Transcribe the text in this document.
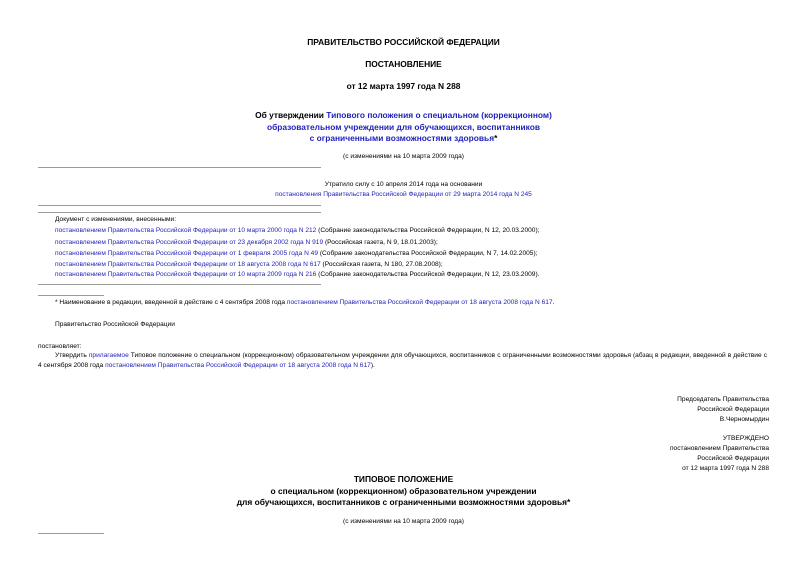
ПРАВИТЕЛЬСТВО РОССИЙСКОЙ ФЕДЕРАЦИИ
ПОСТАНОВЛЕНИЕ
от 12 марта 1997 года N 288
Об утверждении Типового положения о специальном (коррекционном)
образовательном учреждении для обучающихся, воспитанников
с ограниченными возможностями здоровья*
(с изменениями на 10 марта 2009 года)
Утратило силу с 10 апреля 2014 года на основании
постановления Правительства Российской Федерации от 29 марта 2014 года N 245
Документ с изменениями, внесенными:
постановлением Правительства Российской Федерации от 10 марта 2000 года N 212 (Собрание законодательства Российской Федерации, N 12, 20.03.2000);
постановлением Правительства Российской Федерации от 23 декабря 2002 года N 919 (Российская газета, N 9, 18.01.2003);
постановлением Правительства Российской Федерации от 1 февраля 2005 года N 49 (Собрание законодательства Российской Федерации, N 7, 14.02.2005);
постановлением Правительства Российской Федерации от 18 августа 2008 года N 617 (Российская газета, N 180, 27.08.2008);
постановлением Правительства Российской Федерации от 10 марта 2009 года N 216 (Собрание законодательства Российской Федерации, N 12, 23.03.2009).
* Наименование в редакции, введенной в действие с 4 сентября 2008 года постановлением Правительства Российской Федерации от 18 августа 2008 года N 617.
Правительство Российской Федерации
постановляет:
Утвердить прилагаемое Типовое положение о специальном (коррекционном) образовательном учреждении для обучающихся, воспитанников с ограниченными возможностями здоровья (абзац в редакции, введенной в действие с 4 сентября 2008 года постановлением Правительства Российской Федерации от 18 августа 2008 года N 617).
Председатель Правительства
Российской Федерации
В.Черномырдин
УТВЕРЖДЕНО
постановлением Правительства
Российской Федерации
от 12 марта 1997 года N 288
ТИПОВОЕ ПОЛОЖЕНИЕ
о специальном (коррекционном) образовательном учреждении
для обучающихся, воспитанников с ограниченными возможностями здоровья*
(с изменениями на 10 марта 2009 года)
